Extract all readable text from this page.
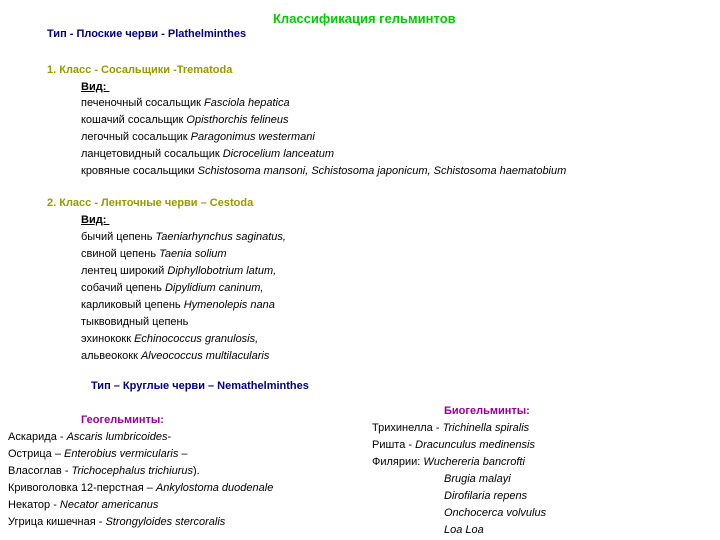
Классификация гельминтов
Тип - Плоские черви - Plathelminthes
1. Класс - Сосальщики -Trematoda
Вид:
печеночный сосальщик Fasciola hepatica
кошачий сосальщик Opisthorchis felineus
легочный сосальщик Paragonimus westermani
ланцетовидный сосальщик Dicrocelium lanceatum
кровяные сосальщики Schistosoma mansoni, Schistosoma japonicum, Schistosoma haematobium
2. Класс - Ленточные черви – Cestoda
Вид:
бычий цепень Taeniarhynchus saginatus,
свиной цепень Taenia solium
лентец широкий Diphyllobotrium latum,
собачий цепень Dipylidium caninum,
карликовый цепень Hymenolepis nana
тыквовидный цепень
эхинококк Echinococcus granulosis,
альвеококк Alveococcus multilacularis
Тип – Круглые черви – Nemathelminthes
Геогельминты:
Аскарида - Ascaris lumbricoides-
Острица – Enterobius vermicularis –
Власоглав - Trichocephalus trichiurus).
Кривоголовка 12-перстная – Ankylostoma duodenale
Некатор - Necator americanus
Угрица кишечная - Strongyloides stercoralis
Биогельминты:
Трихинелла - Trichinella spiralis
Ришта - Dracunculus medinensis
Филярии: Wuchereria bancrofti
Brugia malayi
Dirofilaria repens
Onchocerca volvulus
Loa Loa
